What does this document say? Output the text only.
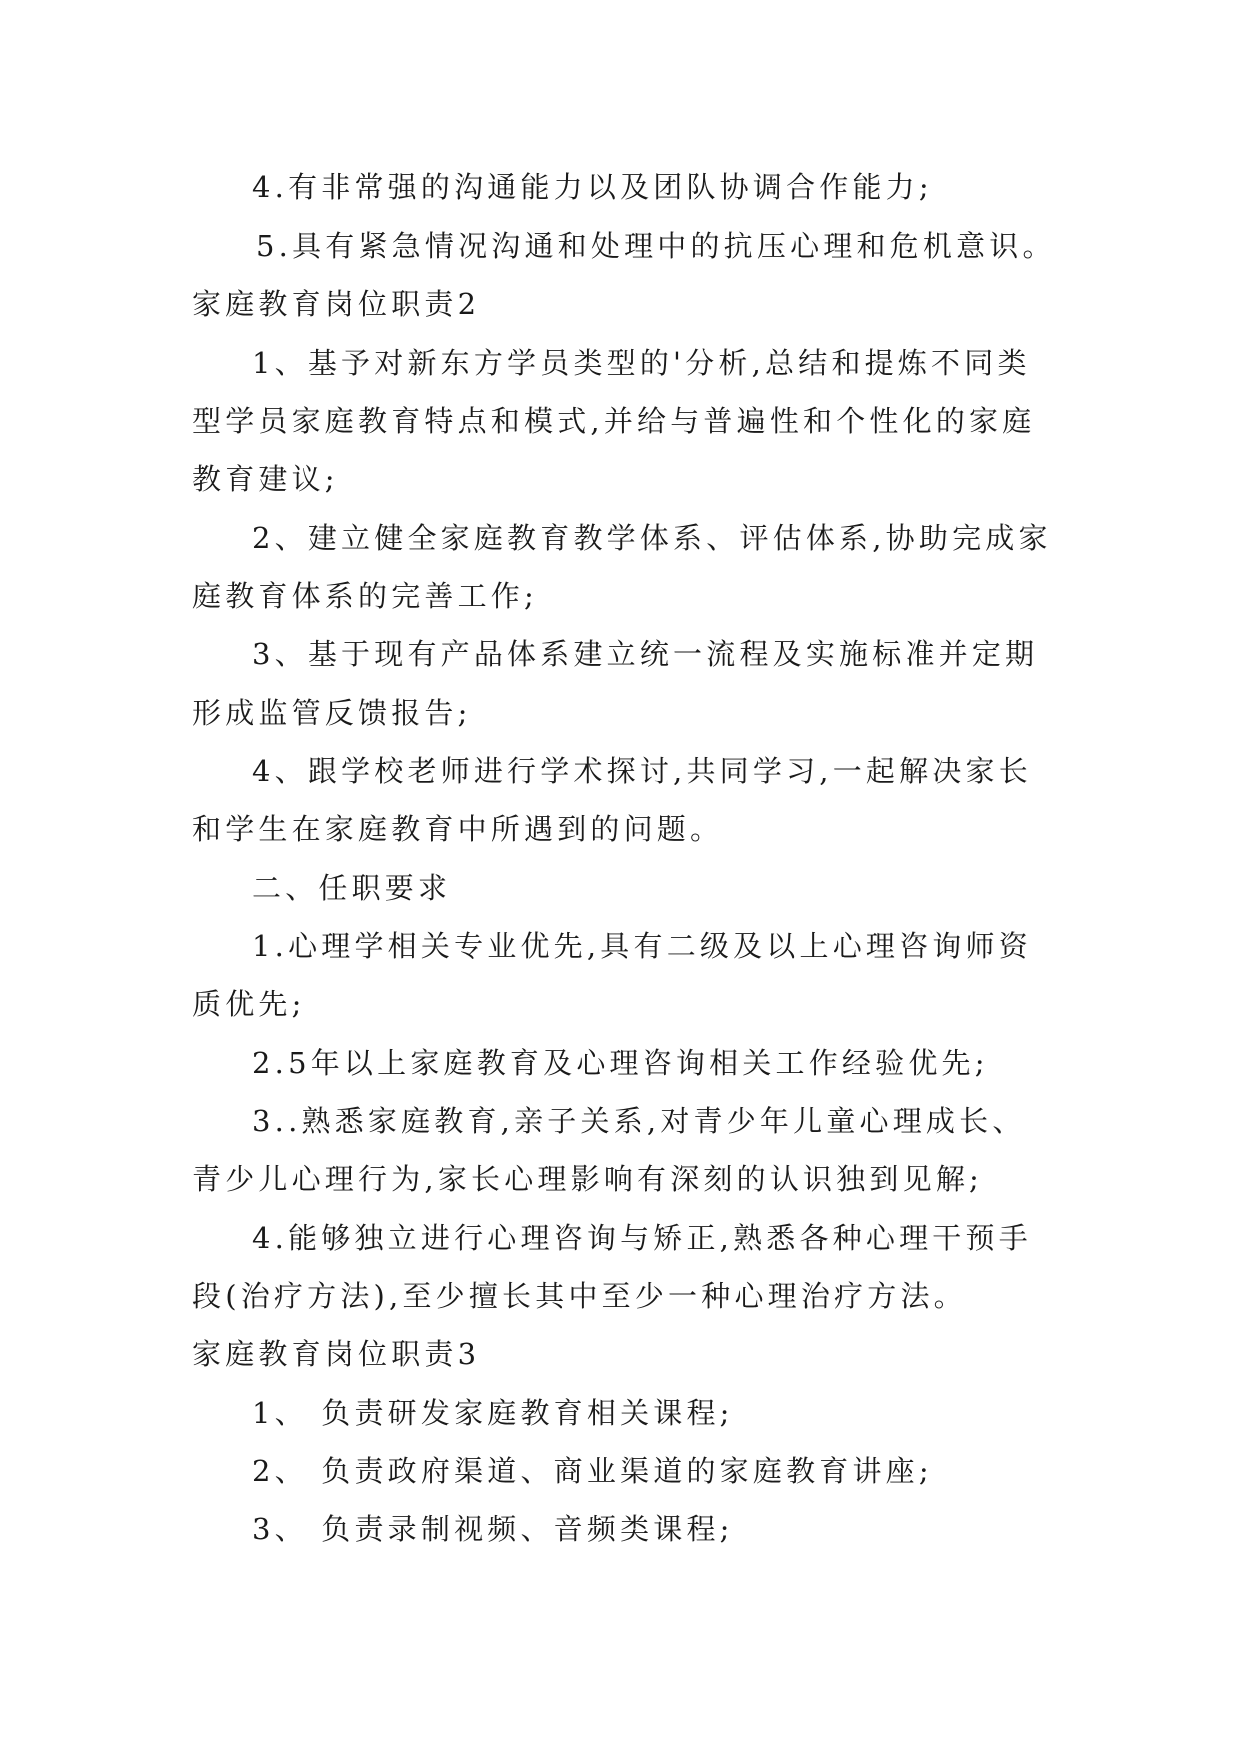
4.有非常强的沟通能力以及团队协调合作能力;
5.具有紧急情况沟通和处理中的抗压心理和危机意识。
家庭教育岗位职责2
1、基予对新东方学员类型的'分析,总结和提炼不同类
型学员家庭教育特点和模式,并给与普遍性和个性化的家庭
教育建议;
2、建立健全家庭教育教学体系、评估体系,协助完成家
庭教育体系的完善工作;
3、基于现有产品体系建立统一流程及实施标准并定期
形成监管反馈报告;
4、跟学校老师进行学术探讨,共同学习,一起解决家长
和学生在家庭教育中所遇到的问题。
二、任职要求
1.心理学相关专业优先,具有二级及以上心理咨询师资
质优先;
2.5年以上家庭教育及心理咨询相关工作经验优先;
3..熟悉家庭教育,亲子关系,对青少年儿童心理成长、
青少儿心理行为,家长心理影响有深刻的认识独到见解;
4.能够独立进行心理咨询与矫正,熟悉各种心理干预手
段(治疗方法),至少擅长其中至少一种心理治疗方法。
家庭教育岗位职责3
1、 负责研发家庭教育相关课程;
2、 负责政府渠道、商业渠道的家庭教育讲座;
3、 负责录制视频、音频类课程;
